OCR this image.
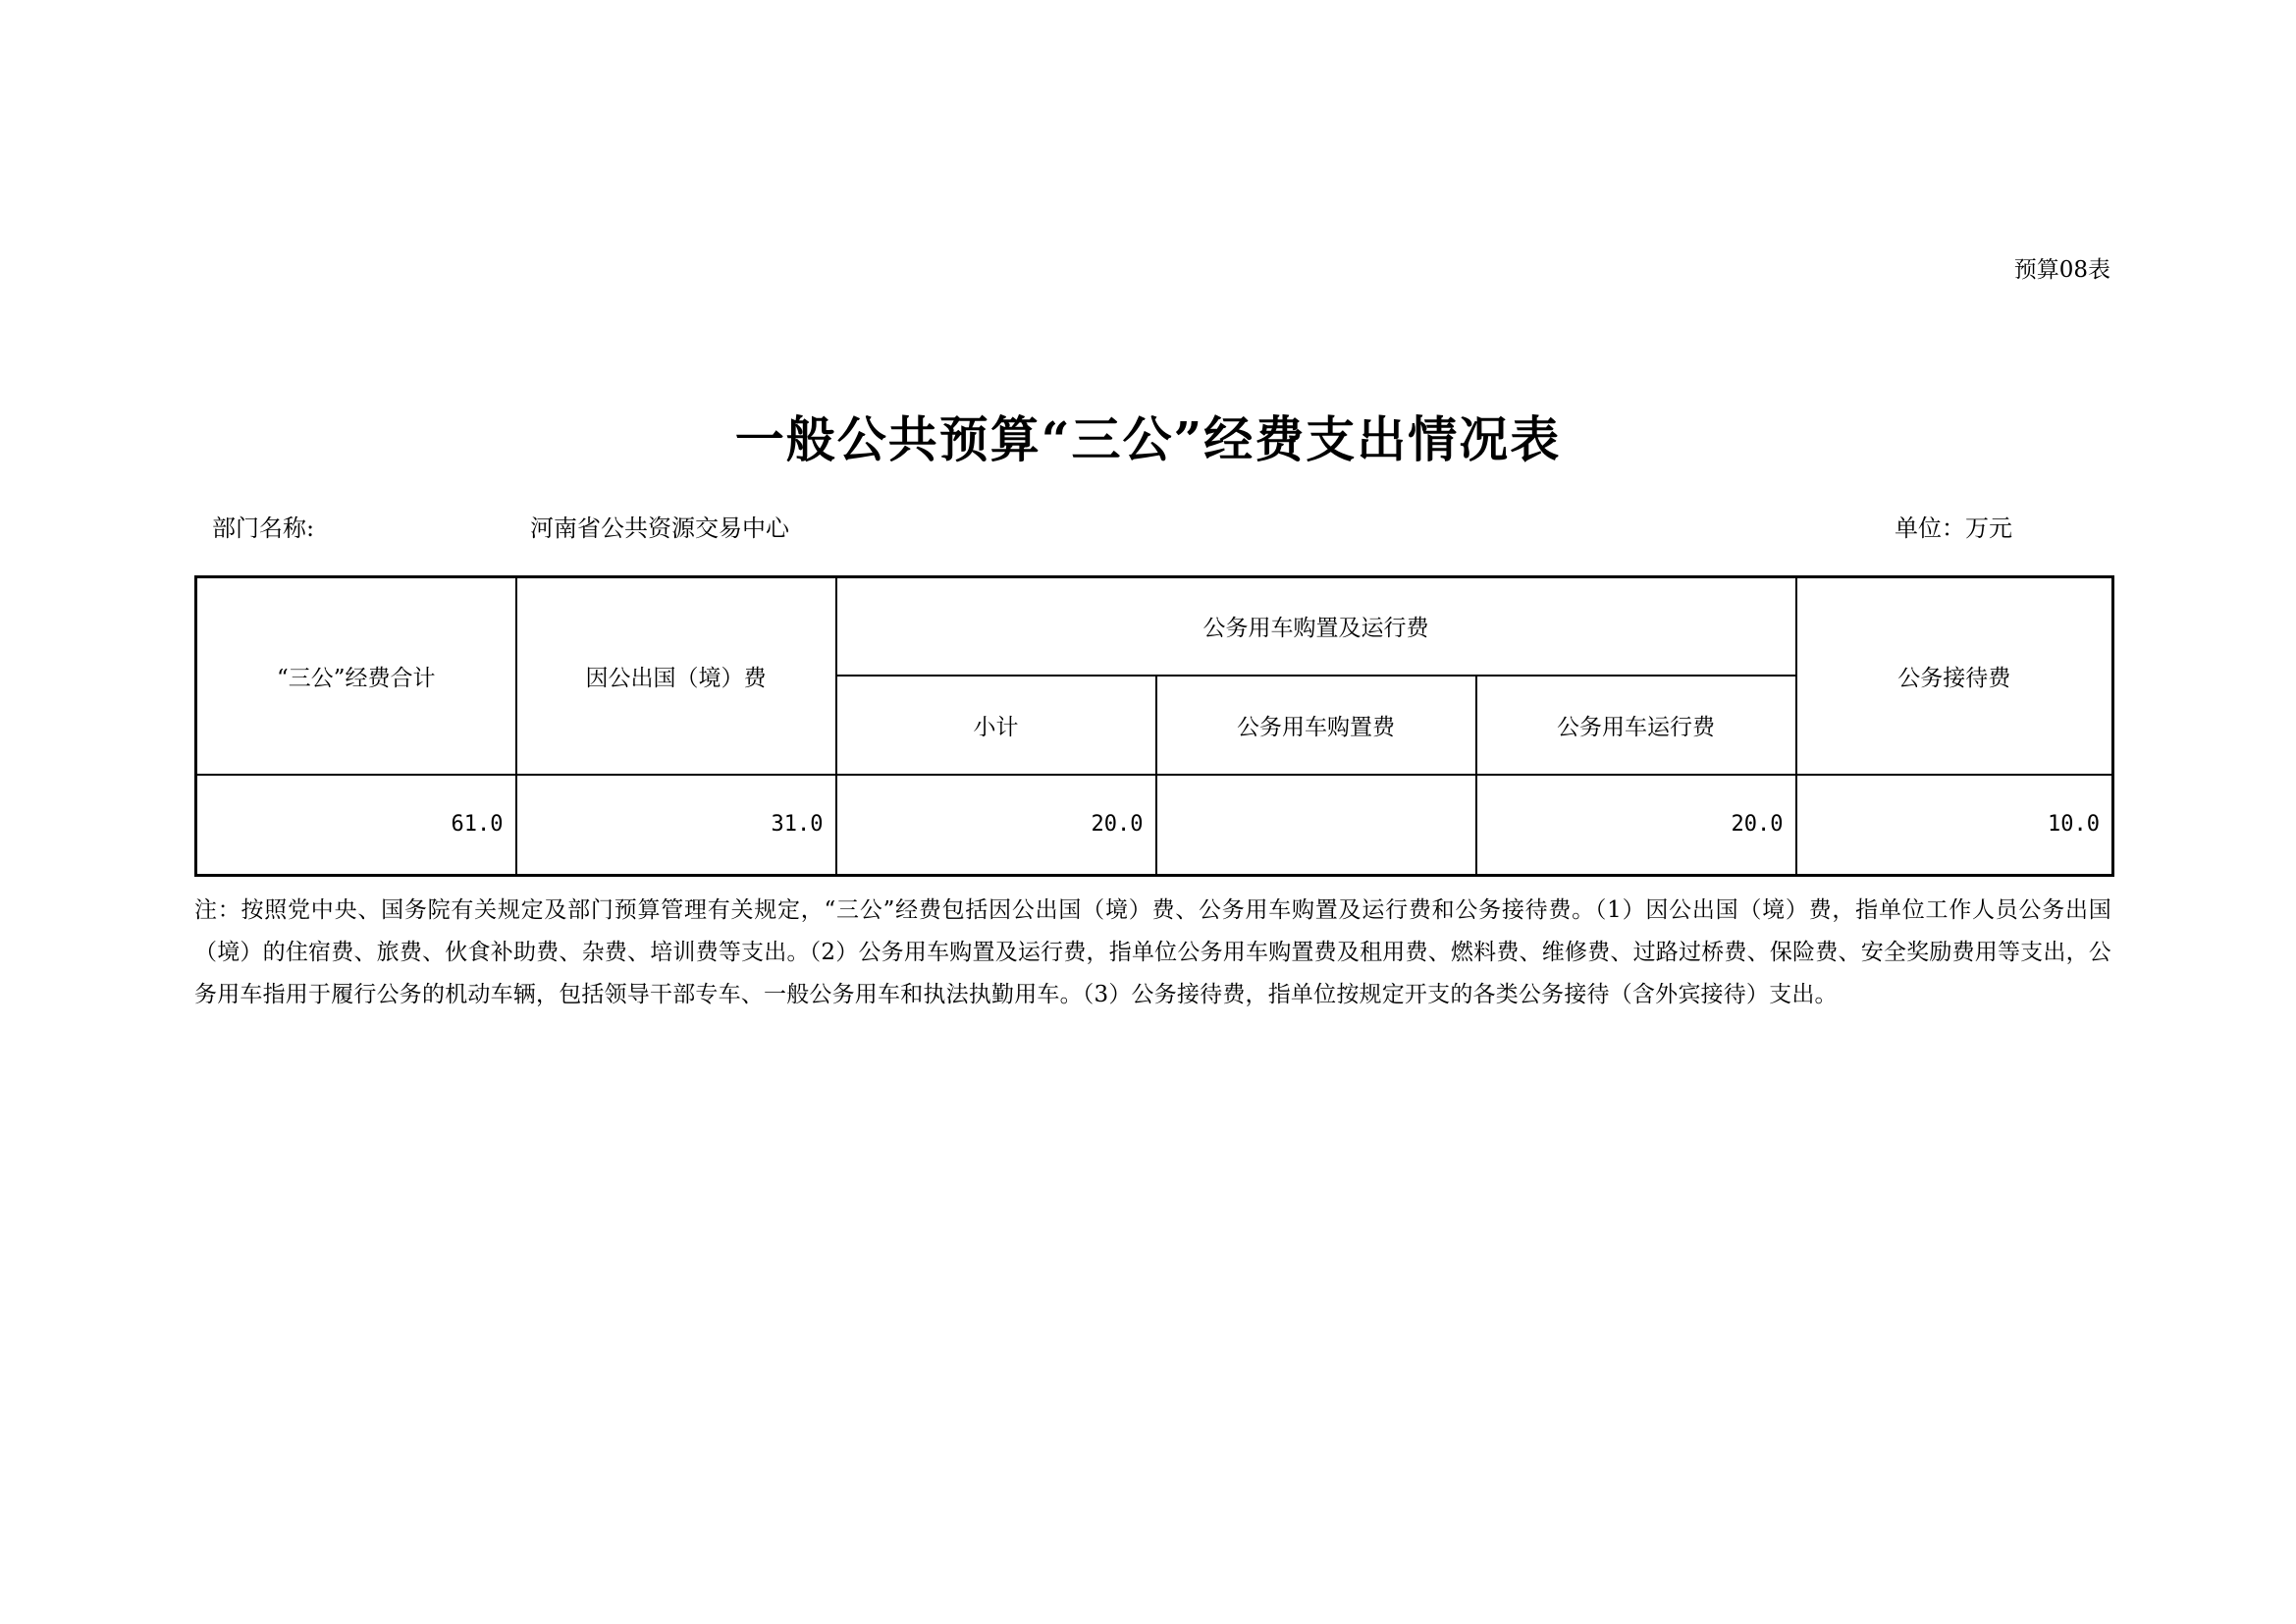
预算08表
一般公共预算“三公”经费支出情况表
部门名称:	河南省公共资源交易中心	单位：万元
“三公”经费合计	因公出国（境）费	公务用车购置及运行费			公务接待费
		小计	公务用车购置费	公务用车运行费	
61.0	31.0	20.0		20.0	10.0
注：按照党中央、国务院有关规定及部门预算管理有关规定，“三公”经费包括因公出国（境）费、公务用车购置及运行费和公务接待费。（1）因公出国（境）费，指单位工作人员公务出国（境）的住宿费、旅费、伙食补助费、杂费、培训费等支出。（2）公务用车购置及运行费，指单位公务用车购置费及租用费、燃料费、维修费、过路过桥费、保险费、安全奖励费用等支出，公务用车指用于履行公务的机动车辆，包括领导干部专车、一般公务用车和执法执勤用车。（3）公务接待费，指单位按规定开支的各类公务接待（含外宾接待）支出。
